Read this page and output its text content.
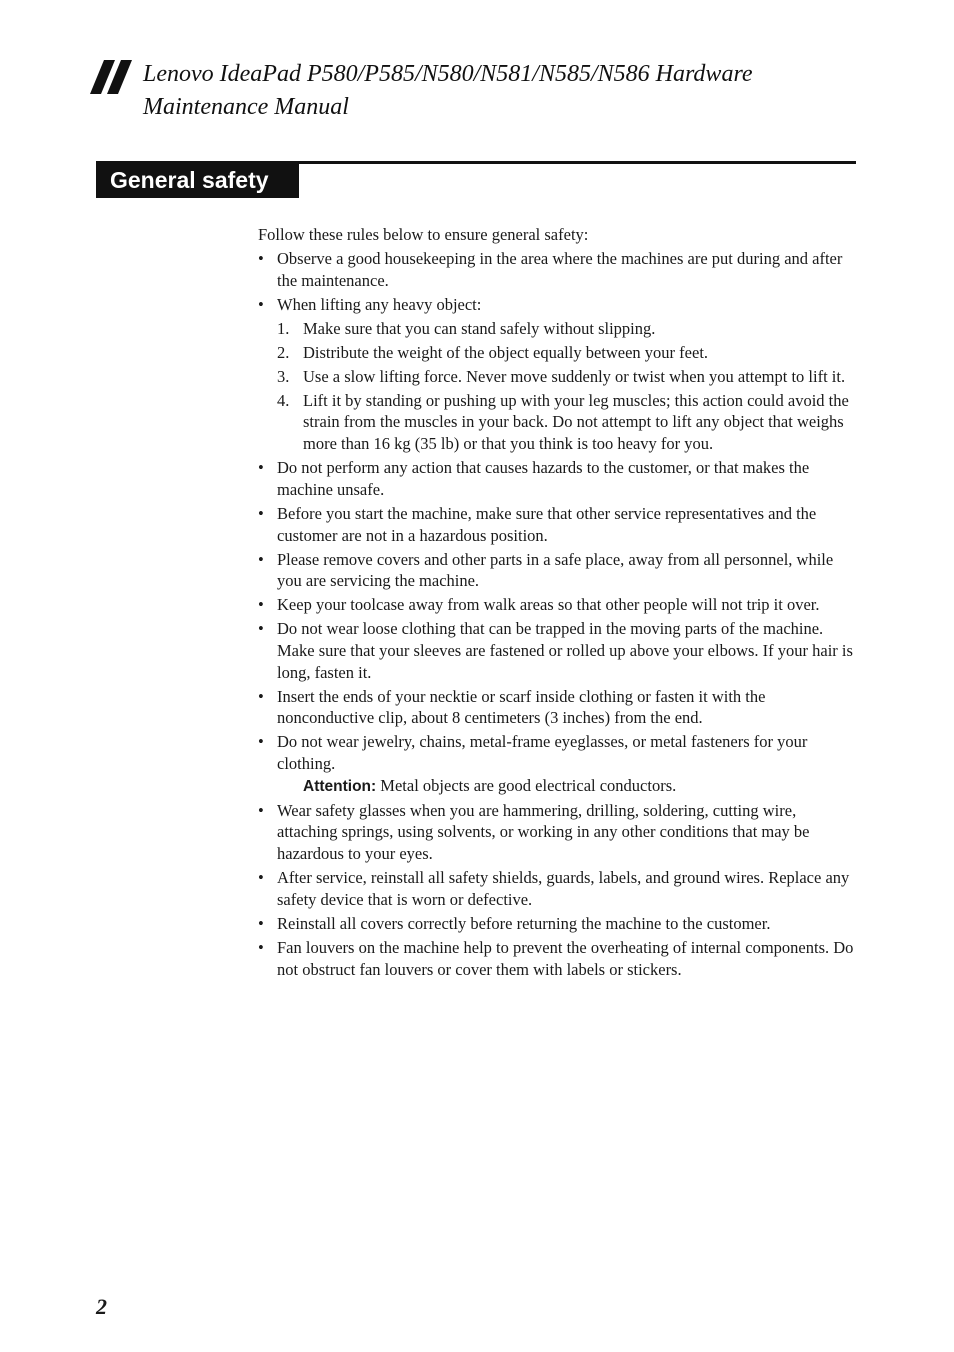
Lenovo IdeaPad P580/P585/N580/N581/N585/N586 Hardware
Maintenance Manual
General safety

Follow these rules below to ensure general safety:

• Observe a good housekeeping in the area where the machines are put during and after the maintenance.
• When lifting any heavy object:
1. Make sure that you can stand safely without slipping.
2. Distribute the weight of the object equally between your feet.
3. Use a slow lifting force. Never move suddenly or twist when you attempt to lift it.
4. Lift it by standing or pushing up with your leg muscles; this action could avoid the strain from the muscles in your back. Do not attempt to lift any object that weighs more than 16 kg (35 lb) or that you think is too heavy for you.
• Do not perform any action that causes hazards to the customer, or that makes the machine unsafe.
• Before you start the machine, make sure that other service representatives and the customer are not in a hazardous position.
• Please remove covers and other parts in a safe place, away from all personnel, while you are servicing the machine.
• Keep your toolcase away from walk areas so that other people will not trip it over.
• Do not wear loose clothing that can be trapped in the moving parts of the machine. Make sure that your sleeves are fastened or rolled up above your elbows. If your hair is long, fasten it.
• Insert the ends of your necktie or scarf inside clothing or fasten it with the nonconductive clip, about 8 centimeters (3 inches) from the end.
• Do not wear jewelry, chains, metal-frame eyeglasses, or metal fasteners for your clothing.
Attention: Metal objects are good electrical conductors.
• Wear safety glasses when you are hammering, drilling, soldering, cutting wire, attaching springs, using solvents, or working in any other conditions that may be hazardous to your eyes.
• After service, reinstall all safety shields, guards, labels, and ground wires. Replace any safety device that is worn or defective.
• Reinstall all covers correctly before returning the machine to the customer.
• Fan louvers on the machine help to prevent the overheating of internal components. Do not obstruct fan louvers or cover them with labels or stickers.
2
